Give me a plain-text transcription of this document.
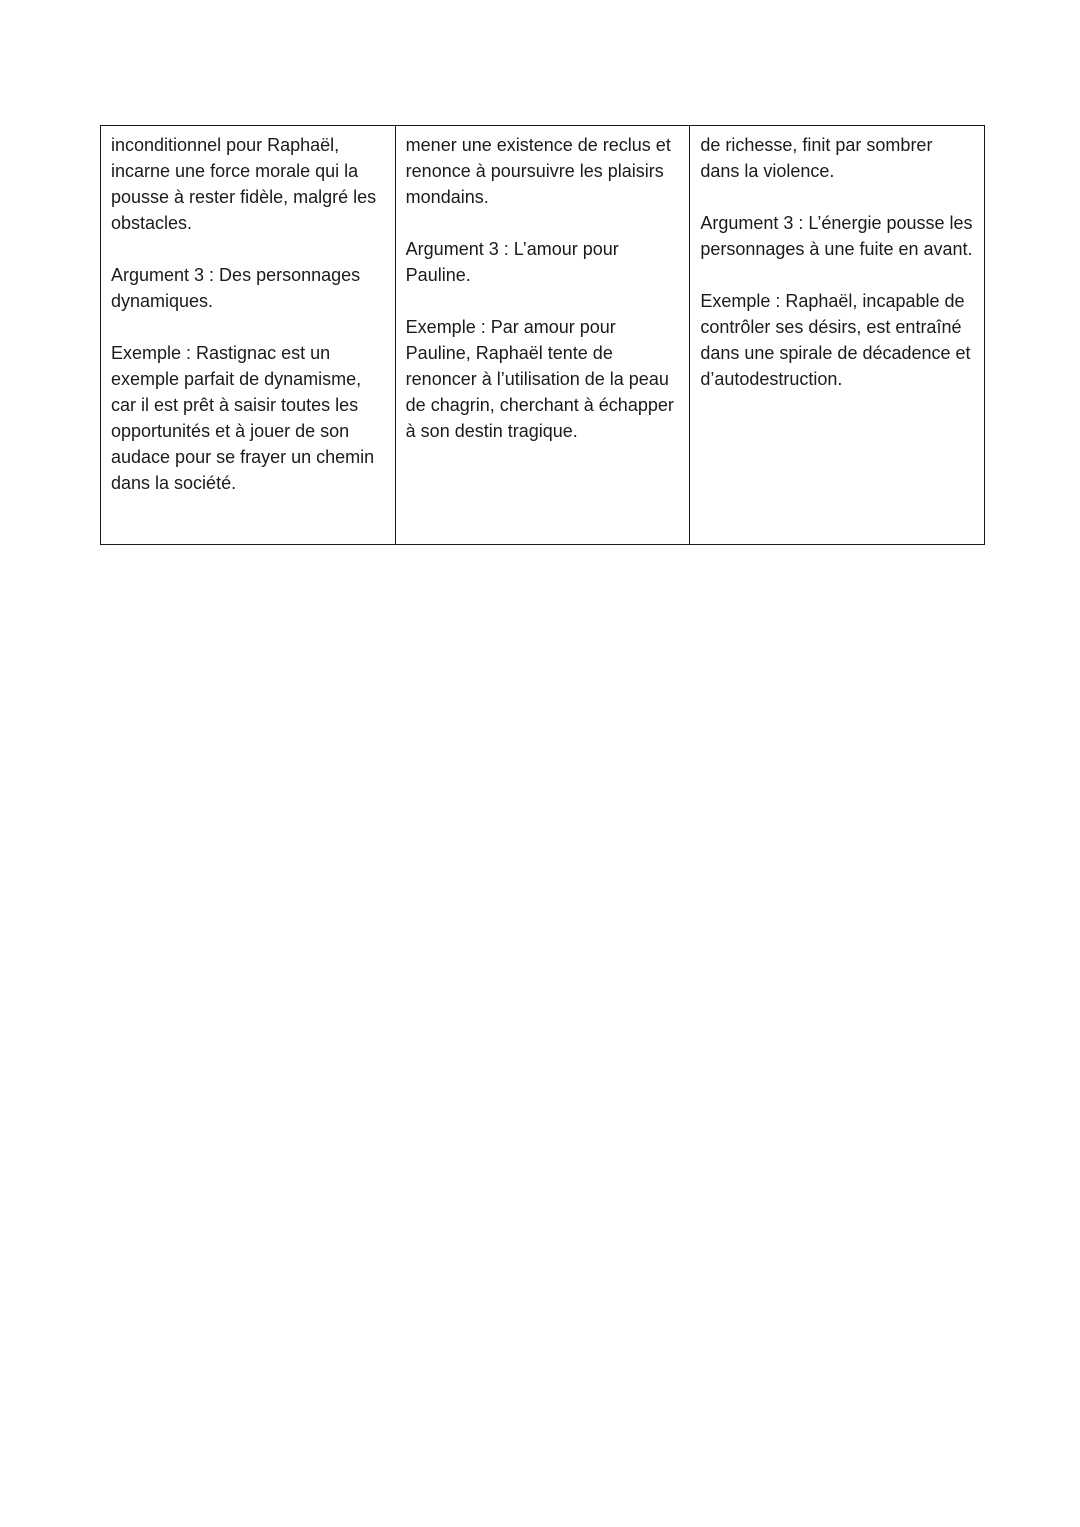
inconditionnel pour Raphaël, incarne une force morale qui la pousse à rester fidèle, malgré les obstacles.

Argument 3 : Des personnages dynamiques.

Exemple : Rastignac est un exemple parfait de dynamisme, car il est prêt à saisir toutes les opportunités et à jouer de son audace pour se frayer un chemin dans la société.

mener une existence de reclus et renonce à poursuivre les plaisirs mondains.

Argument 3 : L’amour pour Pauline.

Exemple : Par amour pour Pauline, Raphaël tente de renoncer à l’utilisation de la peau de chagrin, cherchant à échapper à son destin tragique.

de richesse, finit par sombrer dans la violence.

Argument 3 : L’énergie pousse les personnages à une fuite en avant.

Exemple : Raphaël, incapable de contrôler ses désirs, est entraîné dans une spirale de décadence et d’autodestruction.
